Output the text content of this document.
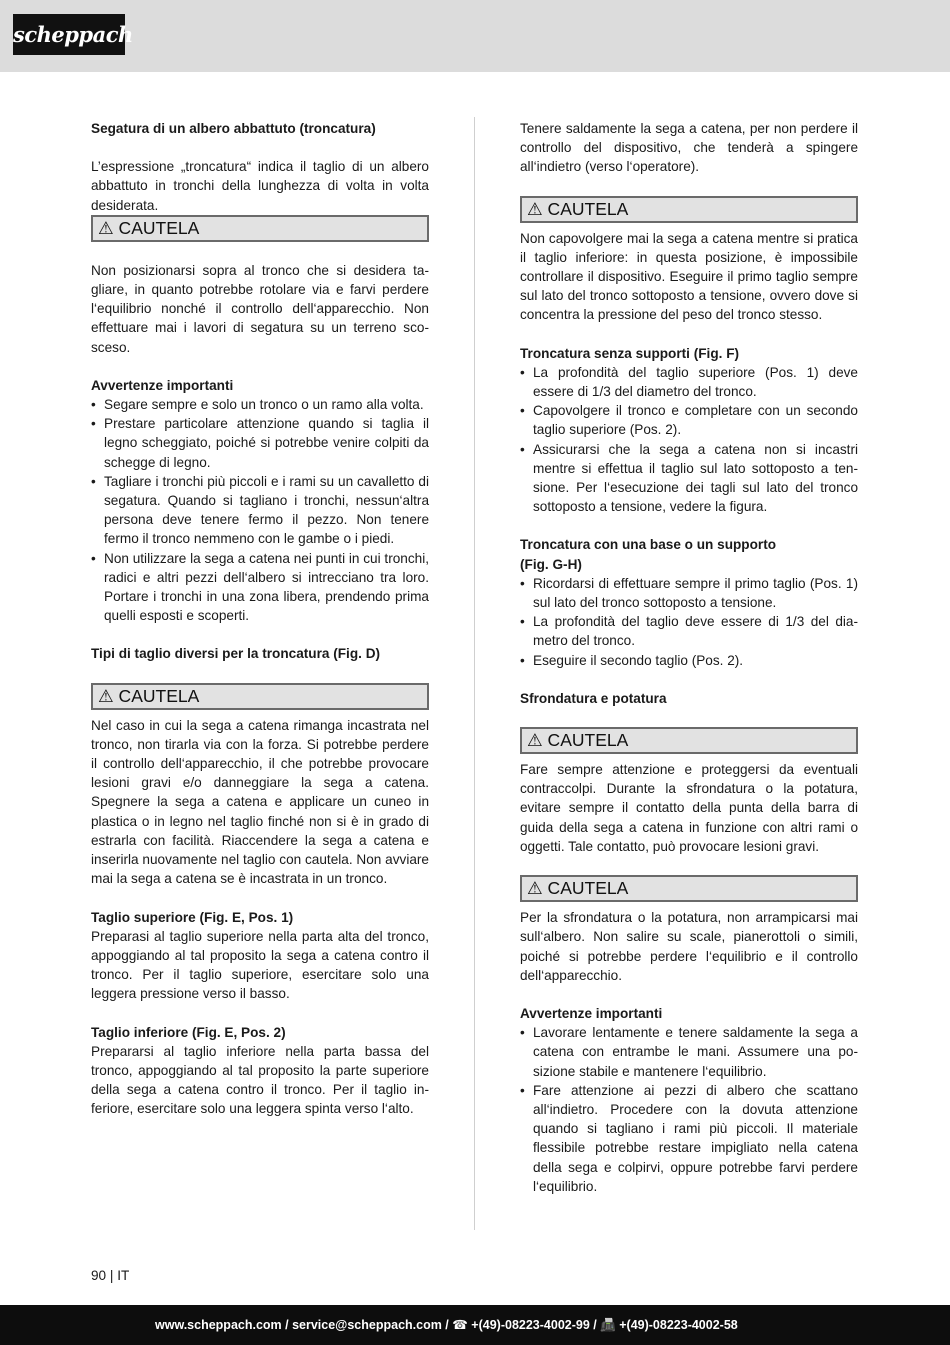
scheppach

Segatura di un albero abbattuto (troncatura)

L’espressione „troncatura“ indica il taglio di un albero abbattuto in tronchi della lunghezza di volta in volta desiderata.

⚠ CAUTELA

Non posizionarsi sopra al tronco che si desidera tagliare, in quanto potrebbe rotolare via e farvi perdere l‘equilibrio nonché il controllo dell‘apparecchio. Non effettuare mai i lavori di segatura su un terreno scosceso.

Avvertenze importanti

• Segare sempre e solo un tronco o un ramo alla volta.
• Prestare particolare attenzione quando si taglia il legno scheggiato, poiché si potrebbe venire colpiti da schegge di legno.
• Tagliare i tronchi più piccoli e i rami su un cavalletto di segatura. Quando si tagliano i tronchi, nessun‘altra persona deve tenere fermo il pezzo. Non tenere fermo il tronco nemmeno con le gambe o i piedi.
• Non utilizzare la sega a catena nei punti in cui tronchi, radici e altri pezzi dell‘albero si intrecciano tra loro. Portare i tronchi in una zona libera, prendendo prima quelli esposti e scoperti.

Tipi di taglio diversi per la troncatura (Fig. D)

⚠ CAUTELA

Nel caso in cui la sega a catena rimanga incastrata nel tronco, non tirarla via con la forza. Si potrebbe perdere il controllo dell‘apparecchio, il che potrebbe provocare lesioni gravi e/o danneggiare la sega a catena. Spegnere la sega a catena e applicare un cuneo in plastica o in legno nel taglio finché non si è in grado di estrarla con facilità. Riaccendere la sega a catena e inserirla nuovamente nel taglio con cautela. Non avviare mai la sega a catena se è incastrata in un tronco.

Taglio superiore (Fig. E, Pos. 1)

Preparasi al taglio superiore nella parta alta del tronco, appoggiando al tal proposito la sega a catena contro il tronco. Per il taglio superiore, esercitare solo una leggera pressione verso il basso.

Taglio inferiore (Fig. E, Pos. 2)

Prepararsi al taglio inferiore nella parta bassa del tronco, appoggiando al tal proposito la parte superiore della sega a catena contro il tronco. Per il taglio inferiore, esercitare solo una leggera spinta verso l‘alto.

Tenere saldamente la sega a catena, per non perdere il controllo del dispositivo, che tenderà a spingere all‘indietro (verso l‘operatore).

⚠ CAUTELA

Non capovolgere mai la sega a catena mentre si pratica il taglio inferiore: in questa posizione, è impossibile controllare il dispositivo. Eseguire il primo taglio sempre sul lato del tronco sottoposto a tensione, ovvero dove si concentra la pressione del peso del tronco stesso.

Troncatura senza supporti (Fig. F)

• La profondità del taglio superiore (Pos. 1) deve essere di 1/3 del diametro del tronco.
• Capovolgere il tronco e completare con un secondo taglio superiore (Pos. 2).
• Assicurarsi che la sega a catena non si incastri mentre si effettua il taglio sul lato sottoposto a tensione. Per l‘esecuzione dei tagli sul lato del tronco sottoposto a tensione, vedere la figura.

Troncatura con una base o un supporto

(Fig. G-H)

• Ricordarsi di effettuare sempre il primo taglio (Pos. 1) sul lato del tronco sottoposto a tensione.
• La profondità del taglio deve essere di 1/3 del diametro del tronco.
• Eseguire il secondo taglio (Pos. 2).

Sfrondatura e potatura

⚠ CAUTELA

Fare sempre attenzione e proteggersi da eventuali contraccolpi. Durante la sfrondatura o la potatura, evitare sempre il contatto della punta della barra di guida della sega a catena in funzione con altri rami o oggetti. Tale contatto, può provocare lesioni gravi.

⚠ CAUTELA

Per la sfrondatura o la potatura, non arrampicarsi mai sull‘albero. Non salire su scale, pianerottoli o simili, poiché si potrebbe perdere l‘equilibrio e il controllo dell‘apparecchio.

Avvertenze importanti

• Lavorare lentamente e tenere saldamente la sega a catena con entrambe le mani. Assumere una posizione stabile e mantenere l‘equilibrio.
• Fare attenzione ai pezzi di albero che scattano all‘indietro. Procedere con la dovuta attenzione quando si tagliano i rami più piccoli. Il materiale flessibile potrebbe restare impigliato nella catena della sega e colpirvi, oppure potrebbe farvi perdere l‘equilibrio.
90 | IT
www.scheppach.com / service@scheppach.com / ☎ +(49)-08223-4002-99 / 📠 +(49)-08223-4002-58
